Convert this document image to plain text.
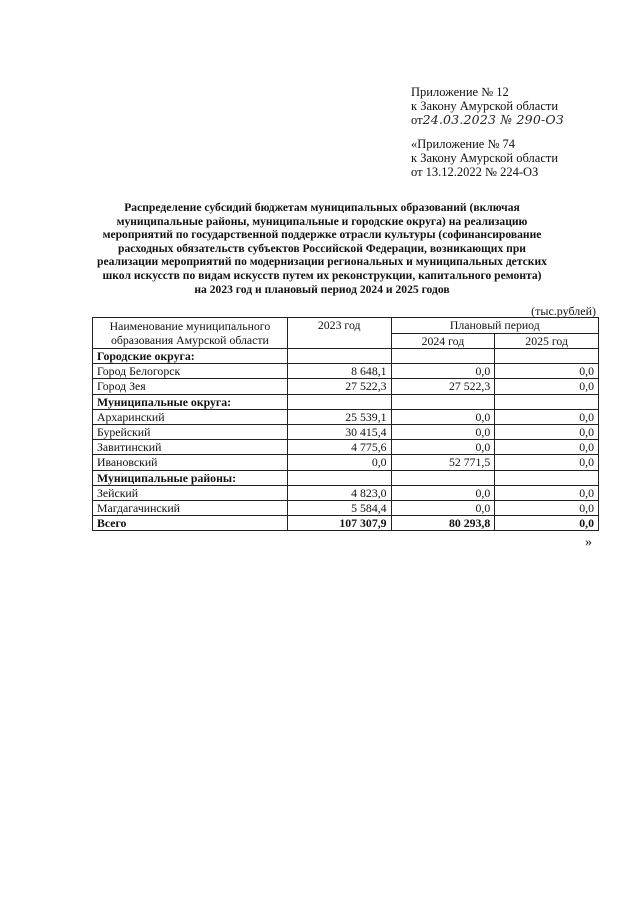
Приложение № 12
к Закону Амурской области
от24.03.2023 № 290-ОЗ
«Приложение № 74
к Закону Амурской области
от 13.12.2022 № 224-ОЗ
Распределение субсидий бюджетам муниципальных образований (включая
муниципальные районы, муниципальные и городские округа) на реализацию
мероприятий по государственной поддержке отрасли культуры (софинансирование
расходных обязательств субъектов Российской Федерации, возникающих при
реализации мероприятий по модернизации региональных и муниципальных детских
школ искусств по видам искусств путем их реконструкции, капитального ремонта)
на 2023 год и плановый период 2024 и 2025 годов
(тыс.рублей)
Наименование муниципального
образования Амурской области	2023 год	Плановый период	
		2024 год	2025 год
Городские округа:			
Город Белогорск	8 648,1	0,0	0,0
Город Зея	27 522,3	27 522,3	0,0
Муниципальные округа:			
Архаринский	25 539,1	0,0	0,0
Бурейский	30 415,4	0,0	0,0
Завитинский	4 775,6	0,0	0,0
Ивановский	0,0	52 771,5	0,0
Муниципальные районы:			
Зейский	4 823,0	0,0	0,0
Магдагачинский	5 584,4	0,0	0,0
Всего	107 307,9	80 293,8	0,0
»
